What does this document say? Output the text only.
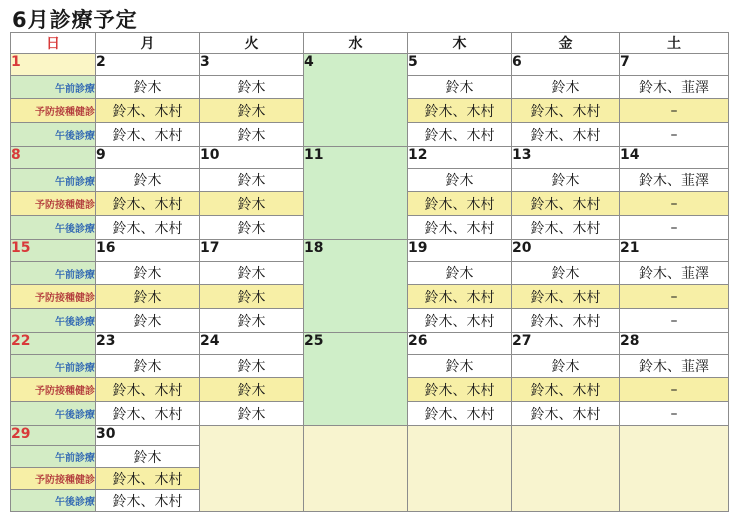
6月診療予定
日	月	火	水	木	金	土
1	2	3	4	5	6	7
午前診療	鈴木	鈴木		鈴木	鈴木	鈴木、韮澤
予防接種健診	鈴木、木村	鈴木		鈴木、木村	鈴木、木村	–
午後診療	鈴木、木村	鈴木		鈴木、木村	鈴木、木村	–
8	9	10	11	12	13	14
午前診療	鈴木	鈴木		鈴木	鈴木	鈴木、韮澤
予防接種健診	鈴木、木村	鈴木		鈴木、木村	鈴木、木村	–
午後診療	鈴木、木村	鈴木		鈴木、木村	鈴木、木村	–
15	16	17	18	19	20	21
午前診療	鈴木	鈴木		鈴木	鈴木	鈴木、韮澤
予防接種健診	鈴木	鈴木		鈴木、木村	鈴木、木村	–
午後診療	鈴木	鈴木		鈴木、木村	鈴木、木村	–
22	23	24	25	26	27	28
午前診療	鈴木	鈴木		鈴木	鈴木	鈴木、韮澤
予防接種健診	鈴木、木村	鈴木		鈴木、木村	鈴木、木村	–
午後診療	鈴木、木村	鈴木		鈴木、木村	鈴木、木村	–
29	30					
午前診療	鈴木					
予防接種健診	鈴木、木村					
午後診療	鈴木、木村					
